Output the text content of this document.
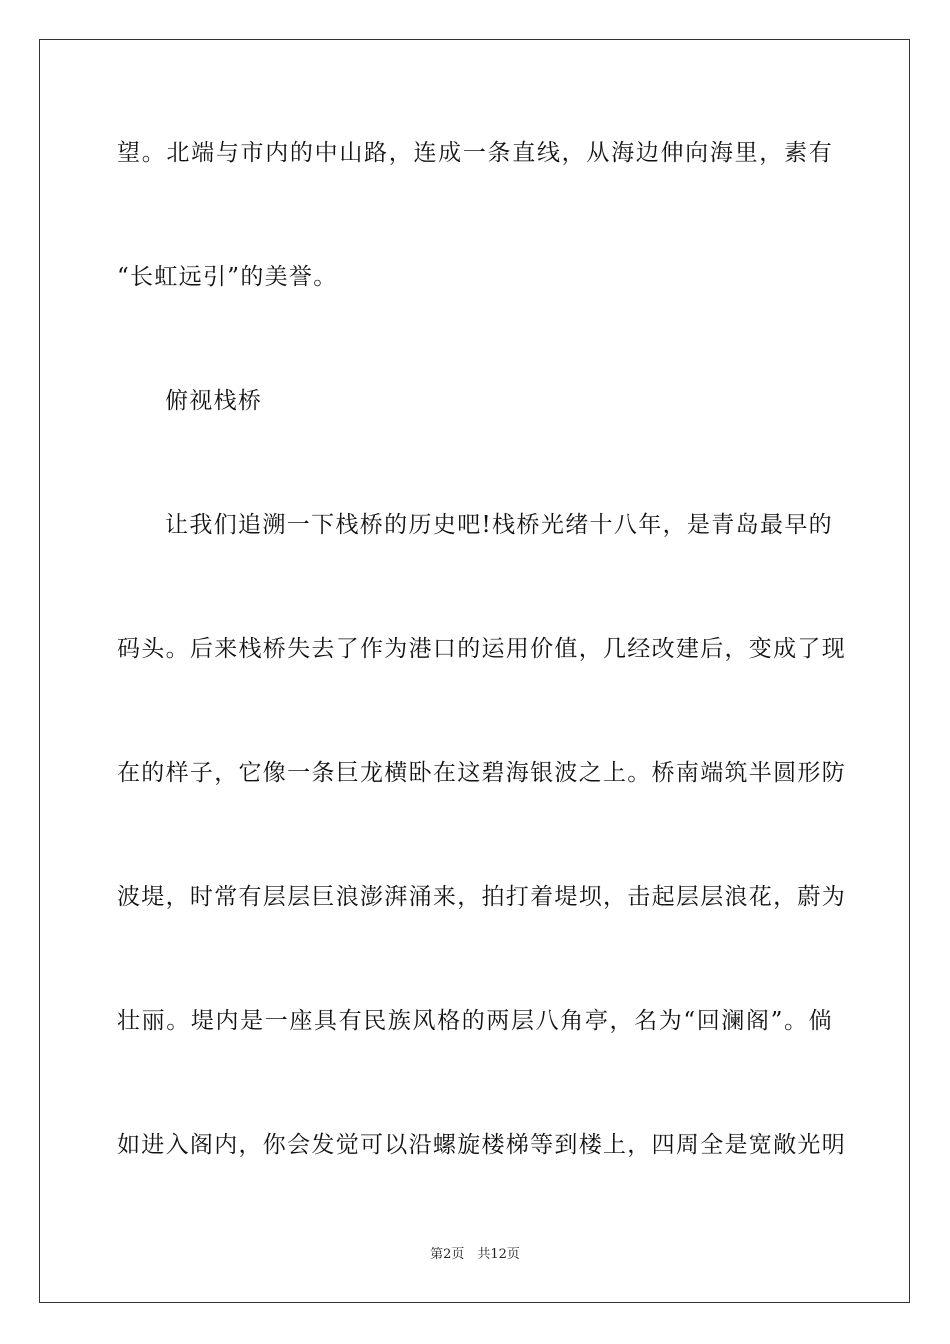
望。北端与市内的中山路，连成一条直线，从海边伸向海里，素有
“长虹远引”的美誉。
俯视栈桥
让我们追溯一下栈桥的历史吧!栈桥光绪十八年，是青岛最早的
码头。后来栈桥失去了作为港口的运用价值，几经改建后，变成了现
在的样子，它像一条巨龙横卧在这碧海银波之上。桥南端筑半圆形防
波堤，时常有层层巨浪澎湃涌来，拍打着堤坝，击起层层浪花，蔚为
壮丽。堤内是一座具有民族风格的两层八角亭，名为“回澜阁”。倘
如进入阁内，你会发觉可以沿螺旋楼梯等到楼上，四周全是宽敞光明
第2页　共12页
